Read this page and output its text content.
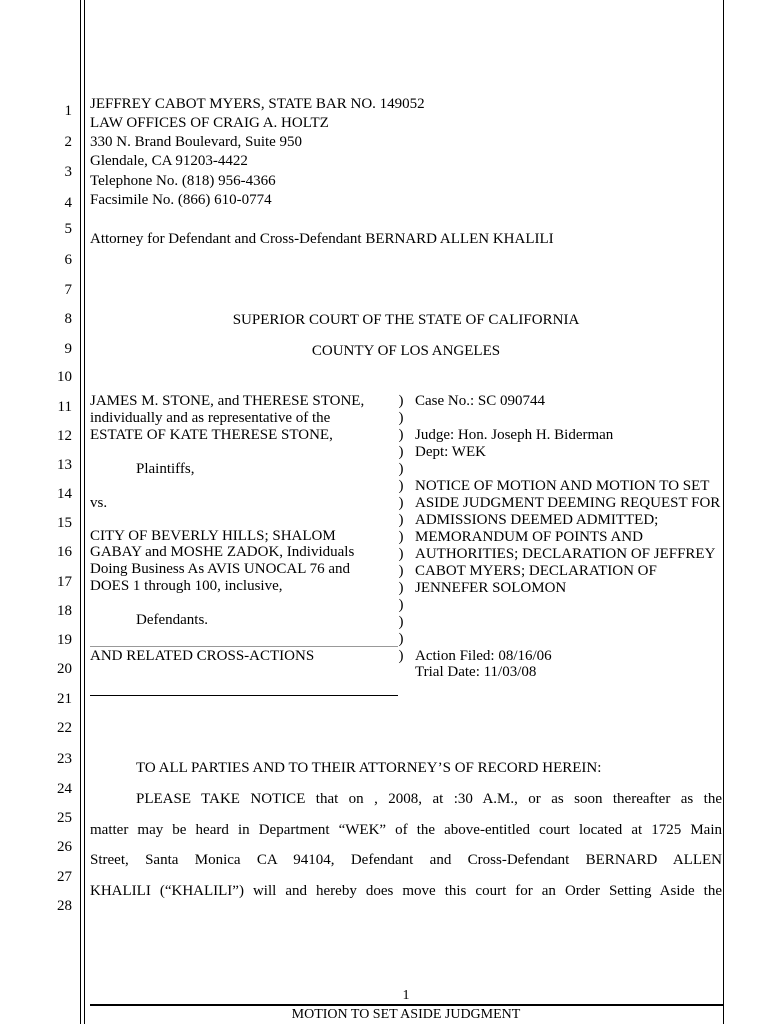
1
2
3
4
5
6
7
8
9
10
11
12
13
14
15
16
17
18
19
20
21
22
23
24
25
26
27
28
JEFFREY CABOT MYERS, STATE BAR NO. 149052
LAW OFFICES OF CRAIG A. HOLTZ
330 N. Brand Boulevard, Suite 950
Glendale, CA 91203-4422
Telephone No. (818) 956-4366
Facsimile No. (866) 610-0774
Attorney for Defendant and Cross-Defendant BERNARD ALLEN KHALILI
SUPERIOR COURT OF THE STATE OF CALIFORNIA
COUNTY OF LOS ANGELES
JAMES M. STONE, and THERESE STONE,
individually and as representative of the
ESTATE OF KATE THERESE STONE,
Plaintiffs,
vs.
CITY OF BEVERLY HILLS; SHALOM
GABAY and MOSHE ZADOK, Individuals
Doing Business As AVIS UNOCAL 76 and
DOES 1 through 100, inclusive,
Defendants.
AND RELATED CROSS-ACTIONS
)
)
)
)
)
)
)
)
)
)
)
)
)
)
)
)
Case No.: SC 090744
Judge: Hon. Joseph H. Biderman
Dept: WEK
NOTICE OF MOTION AND MOTION TO SET
ASIDE JUDGMENT DEEMING REQUEST FOR
ADMISSIONS DEEMED ADMITTED;
MEMORANDUM OF POINTS AND
AUTHORITIES; DECLARATION OF JEFFREY
CABOT MYERS; DECLARATION OF
JENNEFER SOLOMON
Action Filed: 08/16/06
Trial Date: 11/03/08
TO ALL PARTIES AND TO THEIR ATTORNEY’S OF RECORD HEREIN:
PLEASE TAKE NOTICE that on , 2008, at :30 A.M., or as soon thereafter as the
matter may be heard in Department “WEK” of the above-entitled court located at 1725 Main
Street, Santa Monica CA 94104, Defendant and Cross-Defendant BERNARD ALLEN
KHALILI (“KHALILI”) will and hereby does move this court for an Order Setting Aside the
1
MOTION TO SET ASIDE JUDGMENT
